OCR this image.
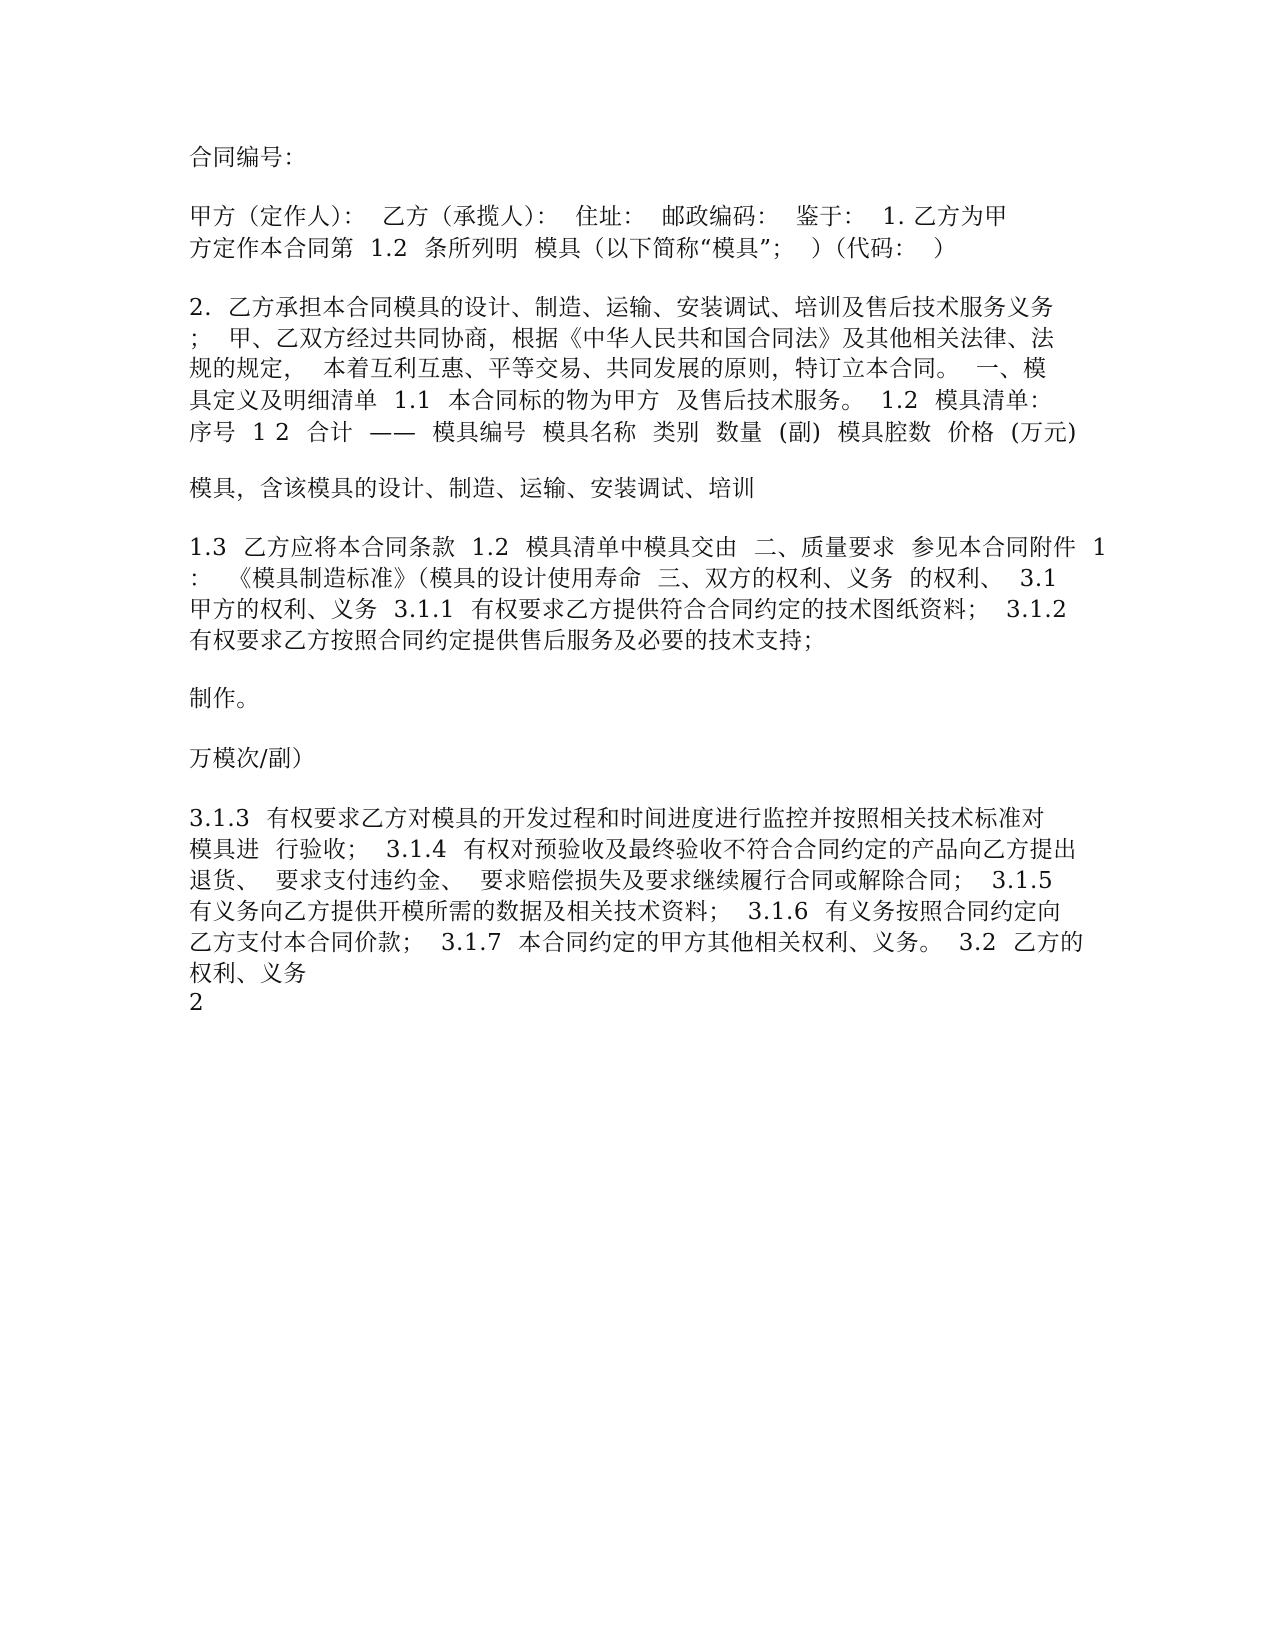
合同编号：
甲方（定作人）：  乙方（承揽人）：  住址：  邮政编码：  鉴于：  1. 乙方为甲
方定作本合同第  1.2  条所列明  模具（以下简称“模具”；  ）（代码：  ）
2.  乙方承担本合同模具的设计、制造、运输、安装调试、培训及售后技术服务义务
；  甲、乙双方经过共同协商，根据《中华人民共和国合同法》及其他相关法律、法
规的规定，  本着互利互惠、平等交易、共同发展的原则，特订立本合同。  一、模
具定义及明细清单  1.1  本合同标的物为甲方  及售后技术服务。  1.2  模具清单：
序号  1 2  合计  ——  模具编号  模具名称  类别  数量  (副)  模具腔数  价格  (万元)
模具，含该模具的设计、制造、运输、安装调试、培训
1.3  乙方应将本合同条款  1.2  模具清单中模具交由  二、质量要求  参见本合同附件  1
：  《模具制造标准》（模具的设计使用寿命  三、双方的权利、义务  的权利、  3.1
甲方的权利、义务  3.1.1  有权要求乙方提供符合合同约定的技术图纸资料；  3.1.2
有权要求乙方按照合同约定提供售后服务及必要的技术支持；
制作。
万模次/副）
3.1.3  有权要求乙方对模具的开发过程和时间进度进行监控并按照相关技术标准对
模具进  行验收；  3.1.4  有权对预验收及最终验收不符合合同约定的产品向乙方提出
退货、  要求支付违约金、  要求赔偿损失及要求继续履行合同或解除合同；  3.1.5
有义务向乙方提供开模所需的数据及相关技术资料；  3.1.6  有义务按照合同约定向
乙方支付本合同价款；  3.1.7  本合同约定的甲方其他相关权利、义务。  3.2  乙方的
权利、义务
2
